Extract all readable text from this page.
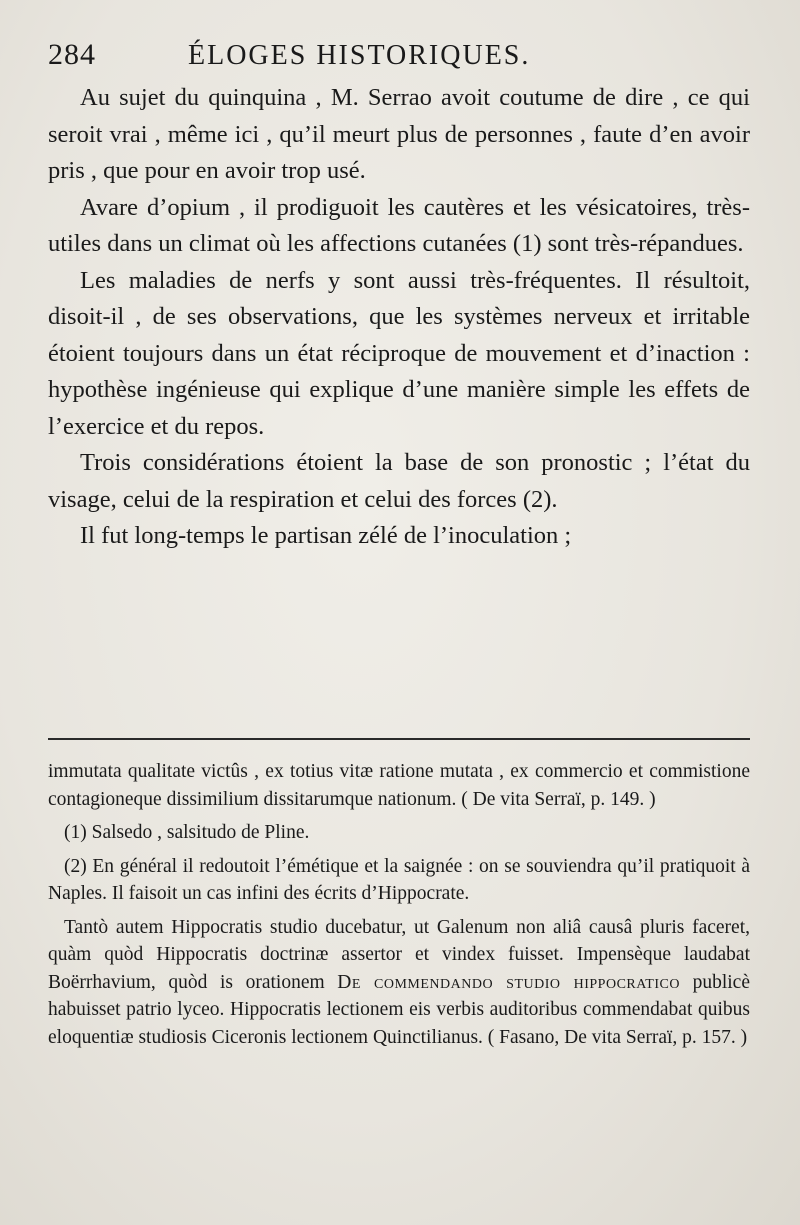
284	ÉLOGES HISTORIQUES.

Au sujet du quinquina , M. Serrao avoit coutume de dire , ce qui seroit vrai , même ici , qu’il meurt plus de personnes , faute d’en avoir pris , que pour en avoir trop usé.

Avare d’opium , il prodiguoit les cautères et les vésicatoires, très-utiles dans un climat où les affections cutanées (1) sont très-répandues.

Les maladies de nerfs y sont aussi très-fréquentes. Il résultoit, disoit-il , de ses observations, que les systèmes nerveux et irritable étoient toujours dans un état réciproque de mouvement et d’inaction : hypothèse ingénieuse qui explique d’une manière simple les effets de l’exercice et du repos.

Trois considérations étoient la base de son pronostic ; l’état du visage, celui de la respiration et celui des forces (2).

Il fut long-temps le partisan zélé de l’inoculation ;

immutata qualitate victûs , ex totius vitæ ratione mutata , ex commercio et commistione contagioneque dissimilium dissitarumque nationum. ( De vita Serraï, p. 149. )

(1) Salsedo , salsitudo de Pline.

(2) En général il redoutoit l’émétique et la saignée : on se souviendra qu’il pratiquoit à Naples. Il faisoit un cas infini des écrits d’Hippocrate.

Tantò autem Hippocratis studio ducebatur, ut Galenum non aliâ causâ pluris faceret, quàm quòd Hippocratis doctrinæ assertor et vindex fuisset. Impensèque laudabat Boërrhavium, quòd is orationem De commendando studio hippocratico publicè habuisset patrio lyceo. Hippocratis lectionem eis verbis auditoribus commendabat quibus eloquentiæ studiosis Ciceronis lectionem Quinctilianus. ( Fasano, De vita Serraï, p. 157. )
